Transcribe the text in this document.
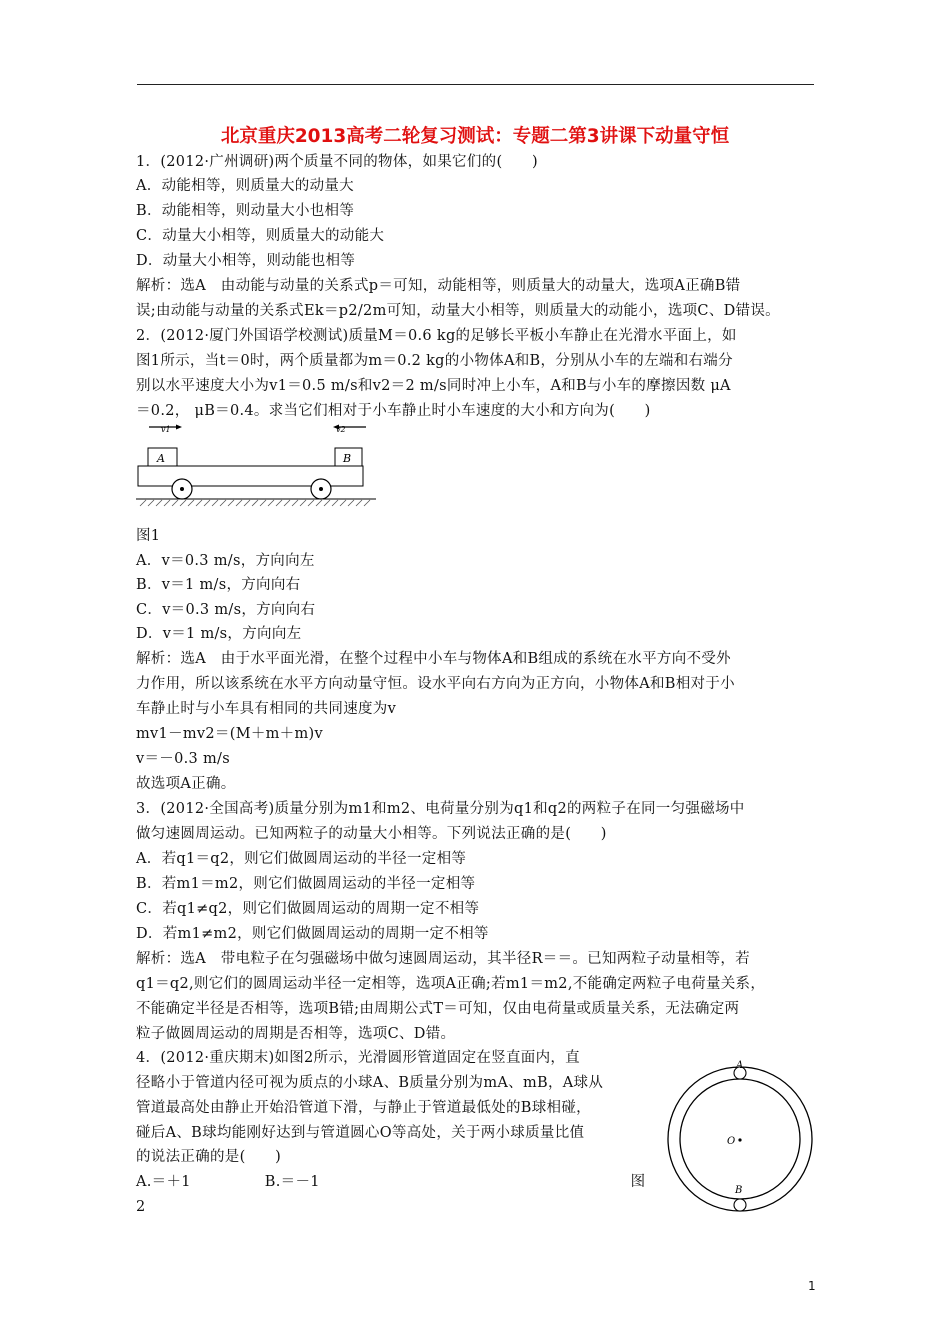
北京重庆2013高考二轮复习测试：专题二第3讲课下动量守恒
1．(2012·广州调研)两个质量不同的物体，如果它们的(　　)
A．动能相等，则质量大的动量大
B．动能相等，则动量大小也相等
C．动量大小相等，则质量大的动能大
D．动量大小相等，则动能也相等
解析：选A　由动能与动量的关系式p＝可知，动能相等，则质量大的动量大，选项A正确B错
误;由动能与动量的关系式Ek＝p2/2m可知，动量大小相等，则质量大的动能小，选项C、D错误。
2．(2012·厦门外国语学校测试)质量M＝0.6 kg的足够长平板小车静止在光滑水平面上，如
图1所示，当t＝0时，两个质量都为m＝0.2 kg的小物体A和B，分别从小车的左端和右端分
别以水平速度大小为v1＝0.5 m/s和v2＝2 m/s同时冲上小车，A和B与小车的摩擦因数 μA
＝0.2， μB＝0.4。求当它们相对于小车静止时小车速度的大小和方向为(　　)
v1	v2
A	B
图1
A．v＝0.3 m/s，方向向左
B．v＝1 m/s，方向向右
C．v＝0.3 m/s，方向向右
D．v＝1 m/s，方向向左
解析：选A　由于水平面光滑，在整个过程中小车与物体A和B组成的系统在水平方向不受外
力作用，所以该系统在水平方向动量守恒。设水平向右方向为正方向，小物体A和B相对于小
车静止时与小车具有相同的共同速度为v
mv1－mv2＝(M＋m＋m)v
v＝－0.3 m/s
故选项A正确。
3．(2012·全国高考)质量分别为m1和m2、电荷量分别为q1和q2的两粒子在同一匀强磁场中
做匀速圆周运动。已知两粒子的动量大小相等。下列说法正确的是(　　)
A．若q1＝q2，则它们做圆周运动的半径一定相等
B．若m1＝m2，则它们做圆周运动的半径一定相等
C．若q1≠q2，则它们做圆周运动的周期一定不相等
D．若m1≠m2，则它们做圆周运动的周期一定不相等
解析：选A　带电粒子在匀强磁场中做匀速圆周运动，其半径R＝＝。已知两粒子动量相等，若
q1＝q2,则它们的圆周运动半径一定相等，选项A正确;若m1＝m2,不能确定两粒子电荷量关系，
不能确定半径是否相等，选项B错;由周期公式T＝可知，仅由电荷量或质量关系，无法确定两
粒子做圆周运动的周期是否相等，选项C、D错。
4．(2012·重庆期末)如图2所示，光滑圆形管道固定在竖直面内，直
径略小于管道内径可视为质点的小球A、B质量分别为mA、mB，A球从
管道最高处由静止开始沿管道下滑，与静止于管道最低处的B球相碰，
碰后A、B球均能刚好达到与管道圆心O等高处，关于两小球质量比值
的说法正确的是(　　)
A.＝＋1　　　　　B.＝－1　　　　　　　　　　　　　　　　　　　　　图
2
A
O
B
1
